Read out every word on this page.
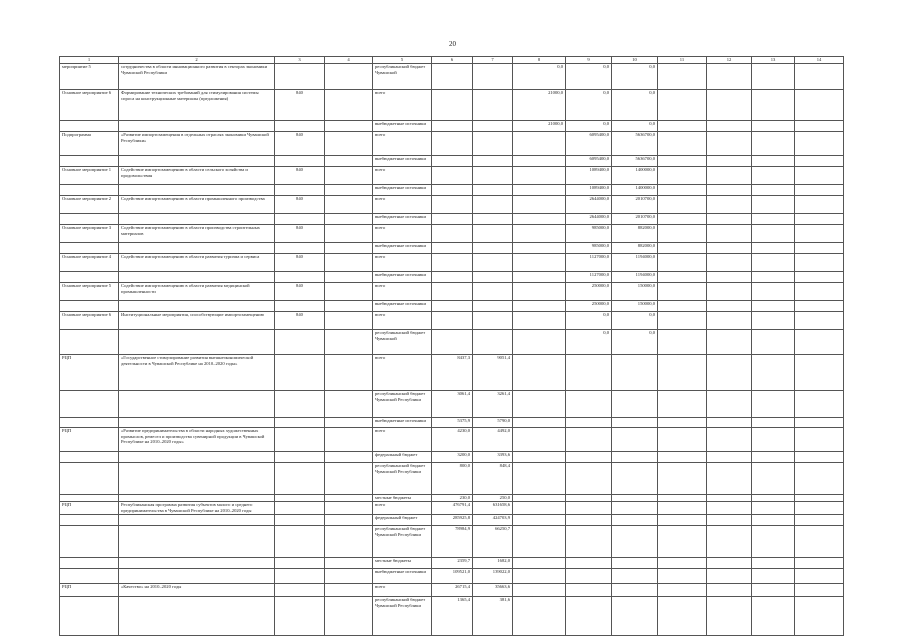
20
1	2	3	4	5	6	7	8	9	10	11	12	13	14
мероприятие 5	сотрудничества в области инновационного развития в секторах экономики Чувашской Республики			республиканский бюджет Чувашской			0,0	0,0	0,0				
Основное мероприятие 6	Формирование технических требований для стимулирования системы спроса на конструкционные материалы (предложения)	840		всего			21000,0	0,0	0,0				
				внебюджетные источники			21000,0	0,0	0,0				
Подпрограмма	«Развитие импортозамещения в отдельных отраслях экономики Чувашской Республики»	840		всего				6095400,0	5636700,0				
				внебюджетные источники				6095400,0	5636700,0				
Основное мероприятие 1	Содействие импортозамещению в области сельского хозяйства и продовольствия	840		всего				1089400,0	1400000,0				
				внебюджетные источники				1089400,0	1400000,0				
Основное мероприятие 2	Содействие импортозамещению в области промышленного производства	840		всего				2644000,0	2010700,0				
				внебюджетные источники				2644000,0	2010700,0				
Основное мероприятие 3	Содействие импортозамещению в области производства строительных материалов	840		всего				985000,0	882000,0				
				внебюджетные источники				985000,0	882000,0				
Основное мероприятие 4	Содействие импортозамещению в области развития туризма и сервиса	840		всего				1127000,0	1194000,0				
				внебюджетные источники				1127000,0	1194000,0				
Основное мероприятие 5	Содействие импортозамещению в области развития медицинской промышленности	840		всего				250000,0	150000,0				
				внебюджетные источники				250000,0	150000,0				
Основное мероприятие 6	Институциональные мероприятия, способствующие импортозамещению	840		всего				0,0	0,0				
				республиканский бюджет Чувашской				0,0	0,0				
РЦП	«Государственное стимулирование развития внешнеэкономической деятельности в Чувашской Республике на 2010–2020 годы»			всего	8437,3	9051,4							
				республиканский бюджет Чувашской Республики	3061,4	3261,4							
				внебюджетные источники	5375,9	5790,0							
РЦП	«Развитие предпринимательства в области народных художественных промыслов, ремесел и производства сувенирной продукции в Чувашской Республике на 2010–2020 годы»			всего	4230,0	4492,0							
				федеральный бюджет	3200,0	3393,6							
				республиканский бюджет Чувашской Республики	800,0	848,4							
				местные бюджеты	230,0	250,0							
РЦП	Республиканская программа развития субъектов малого и среднего предпринимательства в Чувашской Республике на 2010–2020 годы			всего	476791,4	631658,6							
				федеральный бюджет	285925,8	424703,9							
				республиканский бюджет Чувашской Республики	78984,9	66250,7							
				местные бюджеты	2359,7	1682,0							
				внебюджетные источники	109521,0	139022,0							
РЦП	«Качество» на 2010–2020 годы			всего	26715,4	35663,6							
				республиканский бюджет Чувашской Республики	1365,4	381,6							
